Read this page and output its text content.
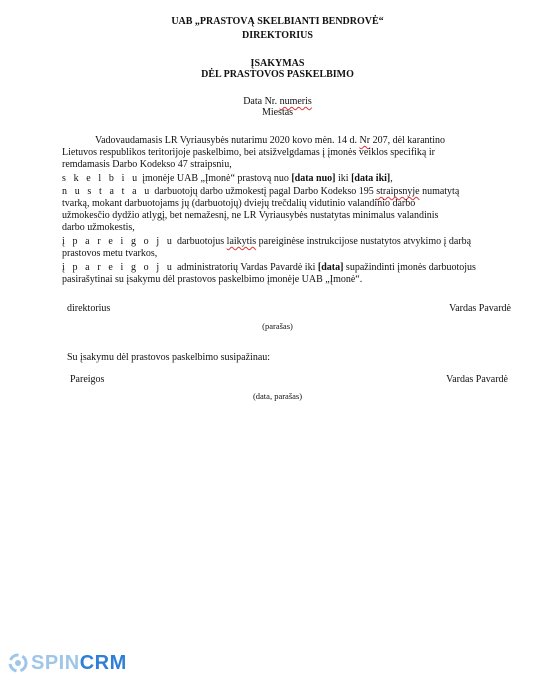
UAB „PRASTOVĄ SKELBIANTI BENDROVĖ“
DIREKTORIUS
ĮSAKYMAS
DĖL PRASTOVOS PASKELBIMO
Data Nr. numeris
Miestas
Vadovaudamasis LR Vyriausybės nutarimu 2020 kovo mėn. 14 d. Nr 207, dėl karantino
Lietuvos respublikos teritorijoje paskelbimo, bei atsižvelgdamas į įmonės veiklos specifiką ir
remdamasis Darbo Kodekso 47 straipsniu,
s k e l b i u įmonėje UAB „Įmonė“ prastovą nuo [data nuo] iki [data iki],
n u s t a t a u darbuotojų darbo užmokestį pagal Darbo Kodekso 195 straipsnyje numatytą
tvarką, mokant darbuotojams jų (darbuotojų) dviejų trečdalių vidutinio valandinio darbo
užmokesčio dydžio atlygį, bet nemažesnį, ne LR Vyriausybės nustatytas minimalus valandinis
darbo užmokestis,
į p a r e i g o j u darbuotojus laikytis pareiginėse instrukcijose nustatytos atvykimo į darbą
prastovos metu tvarkos,
į p a r e i g o j u administratorių Vardas Pavardė iki [data] supažindinti įmonės darbuotojus
pasirašytinai su įsakymu dėl prastovos paskelbimo įmonėje UAB „Įmonė“.
direktorius	Vardas Pavardė
(parašas)
Su įsakymu dėl prastovos paskelbimo susipažinau:
Pareigos	Vardas Pavardė
(data, parašas)
SPIN CRM
